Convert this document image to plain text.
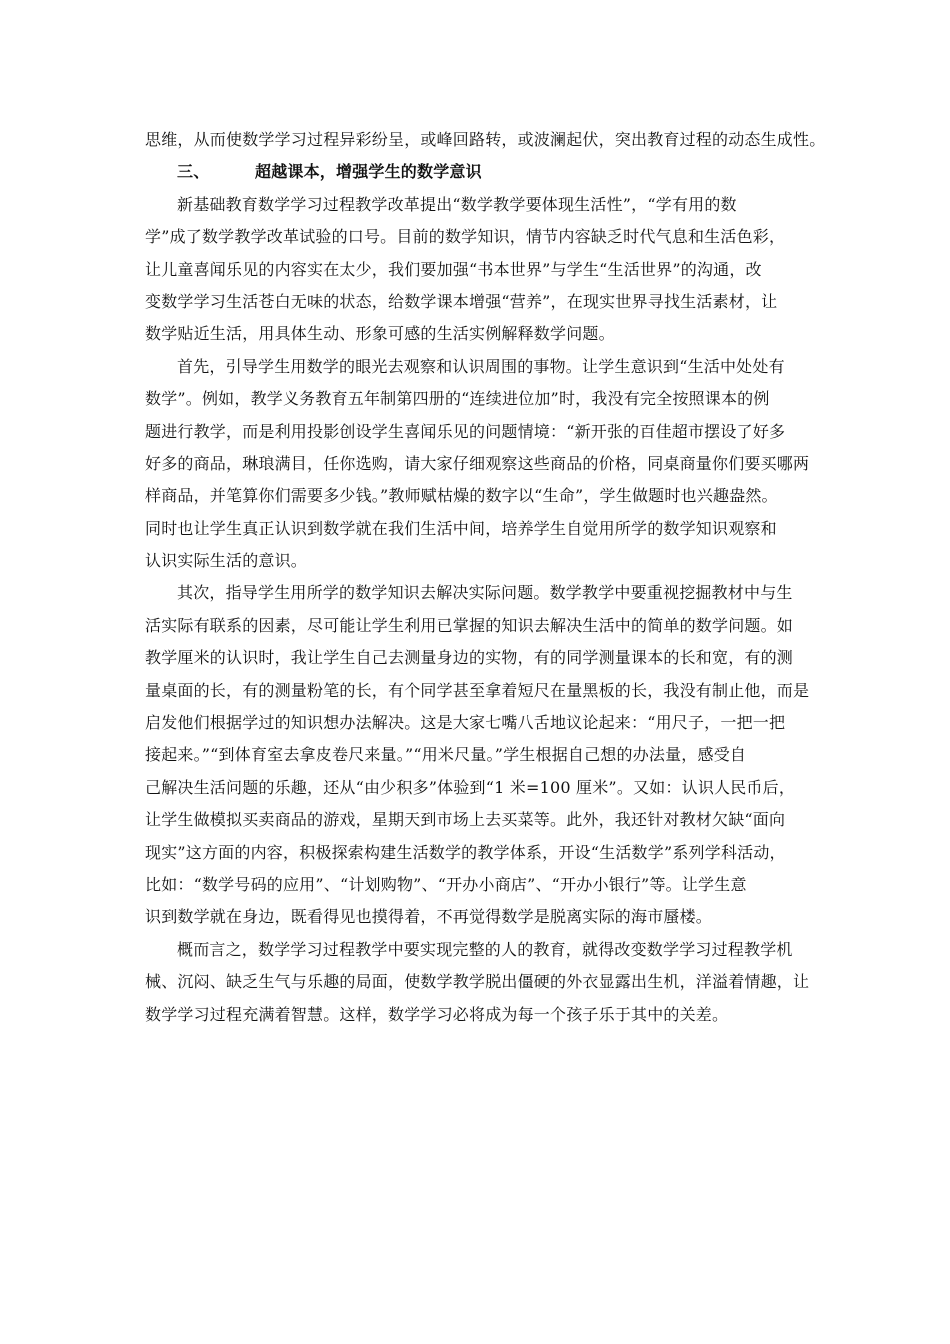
思维，从而使数学学习过程异彩纷呈，或峰回路转，或波澜起伏，突出教育过程的动态生成性。
三、	超越课本，增强学生的数学意识
新基础教育数学学习过程教学改革提出“数学教学要体现生活性”，“学有用的数
学”成了数学教学改革试验的口号。目前的数学知识，情节内容缺乏时代气息和生活色彩，
让儿童喜闻乐见的内容实在太少，我们要加强“书本世界”与学生“生活世界”的沟通，改
变数学学习生活苍白无味的状态，给数学课本增强“营养”，在现实世界寻找生活素材，让
数学贴近生活，用具体生动、形象可感的生活实例解释数学问题。
首先，引导学生用数学的眼光去观察和认识周围的事物。让学生意识到“生活中处处有
数学”。例如，教学义务教育五年制第四册的“连续进位加”时，我没有完全按照课本的例
题进行教学，而是利用投影创设学生喜闻乐见的问题情境：“新开张的百佳超市摆设了好多
好多的商品，琳琅满目，任你选购，请大家仔细观察这些商品的价格，同桌商量你们要买哪两
样商品，并笔算你们需要多少钱。”教师赋枯燥的数字以“生命”，学生做题时也兴趣盎然。
同时也让学生真正认识到数学就在我们生活中间，培养学生自觉用所学的数学知识观察和
认识实际生活的意识。
其次，指导学生用所学的数学知识去解决实际问题。数学教学中要重视挖掘教材中与生
活实际有联系的因素，尽可能让学生利用已掌握的知识去解决生活中的简单的数学问题。如
教学厘米的认识时，我让学生自己去测量身边的实物，有的同学测量课本的长和宽，有的测
量桌面的长，有的测量粉笔的长，有个同学甚至拿着短尺在量黑板的长，我没有制止他，而是
启发他们根据学过的知识想办法解决。这是大家七嘴八舌地议论起来：“用尺子，一把一把
接起来。”“到体育室去拿皮卷尺来量。”“用米尺量。”学生根据自己想的办法量，感受自
己解决生活问题的乐趣，还从“由少积多”体验到“1 米=100 厘米”。又如：认识人民币后，
让学生做模拟买卖商品的游戏，星期天到市场上去买菜等。此外，我还针对教材欠缺“面向
现实”这方面的内容，积极探索构建生活数学的教学体系，开设“生活数学”系列学科活动，
比如：“数学号码的应用”、“计划购物”、“开办小商店”、“开办小银行”等。让学生意
识到数学就在身边，既看得见也摸得着，不再觉得数学是脱离实际的海市蜃楼。
概而言之，数学学习过程教学中要实现完整的人的教育，就得改变数学学习过程教学机
械、沉闷、缺乏生气与乐趣的局面，使数学教学脱出僵硬的外衣显露出生机，洋溢着情趣，让
数学学习过程充满着智慧。这样，数学学习必将成为每一个孩子乐于其中的关差。
